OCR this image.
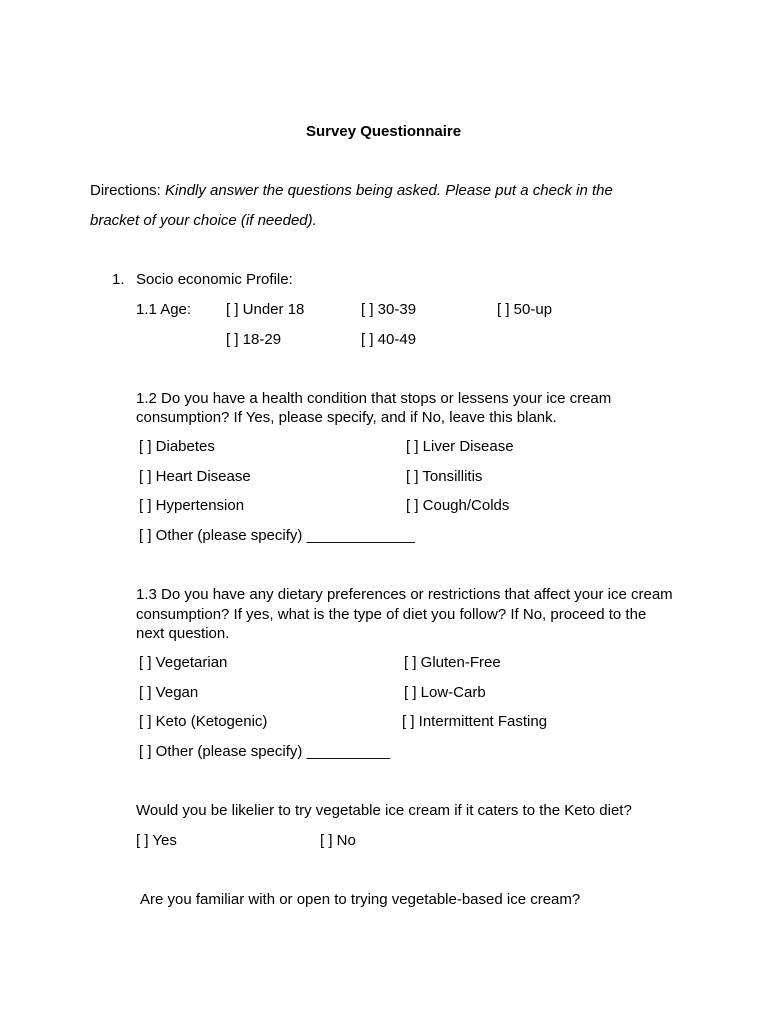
Survey Questionnaire
Directions: Kindly answer the questions being asked. Please put a check in the
bracket of your choice (if needed).
1. Socio economic Profile:
1.1 Age: [ ] Under 18	[ ] 30-39	[ ] 50-up
[ ] 18-29	[ ] 40-49
1.2 Do you have a health condition that stops or lessens your ice cream
consumption? If Yes, please specify, and if No, leave this blank.
[ ] Diabetes	[ ] Liver Disease
[ ] Heart Disease	[ ] Tonsillitis
[ ] Hypertension	[ ] Cough/Colds
[ ] Other (please specify) _____________
1.3 Do you have any dietary preferences or restrictions that affect your ice cream
consumption? If yes, what is the type of diet you follow? If No, proceed to the
next question.
[ ] Vegetarian	[ ] Gluten-Free
[ ] Vegan	[ ] Low-Carb
[ ] Keto (Ketogenic)	[ ] Intermittent Fasting
[ ] Other (please specify) __________
Would you be likelier to try vegetable ice cream if it caters to the Keto diet?
[ ] Yes	[ ] No
Are you familiar with or open to trying vegetable-based ice cream?
